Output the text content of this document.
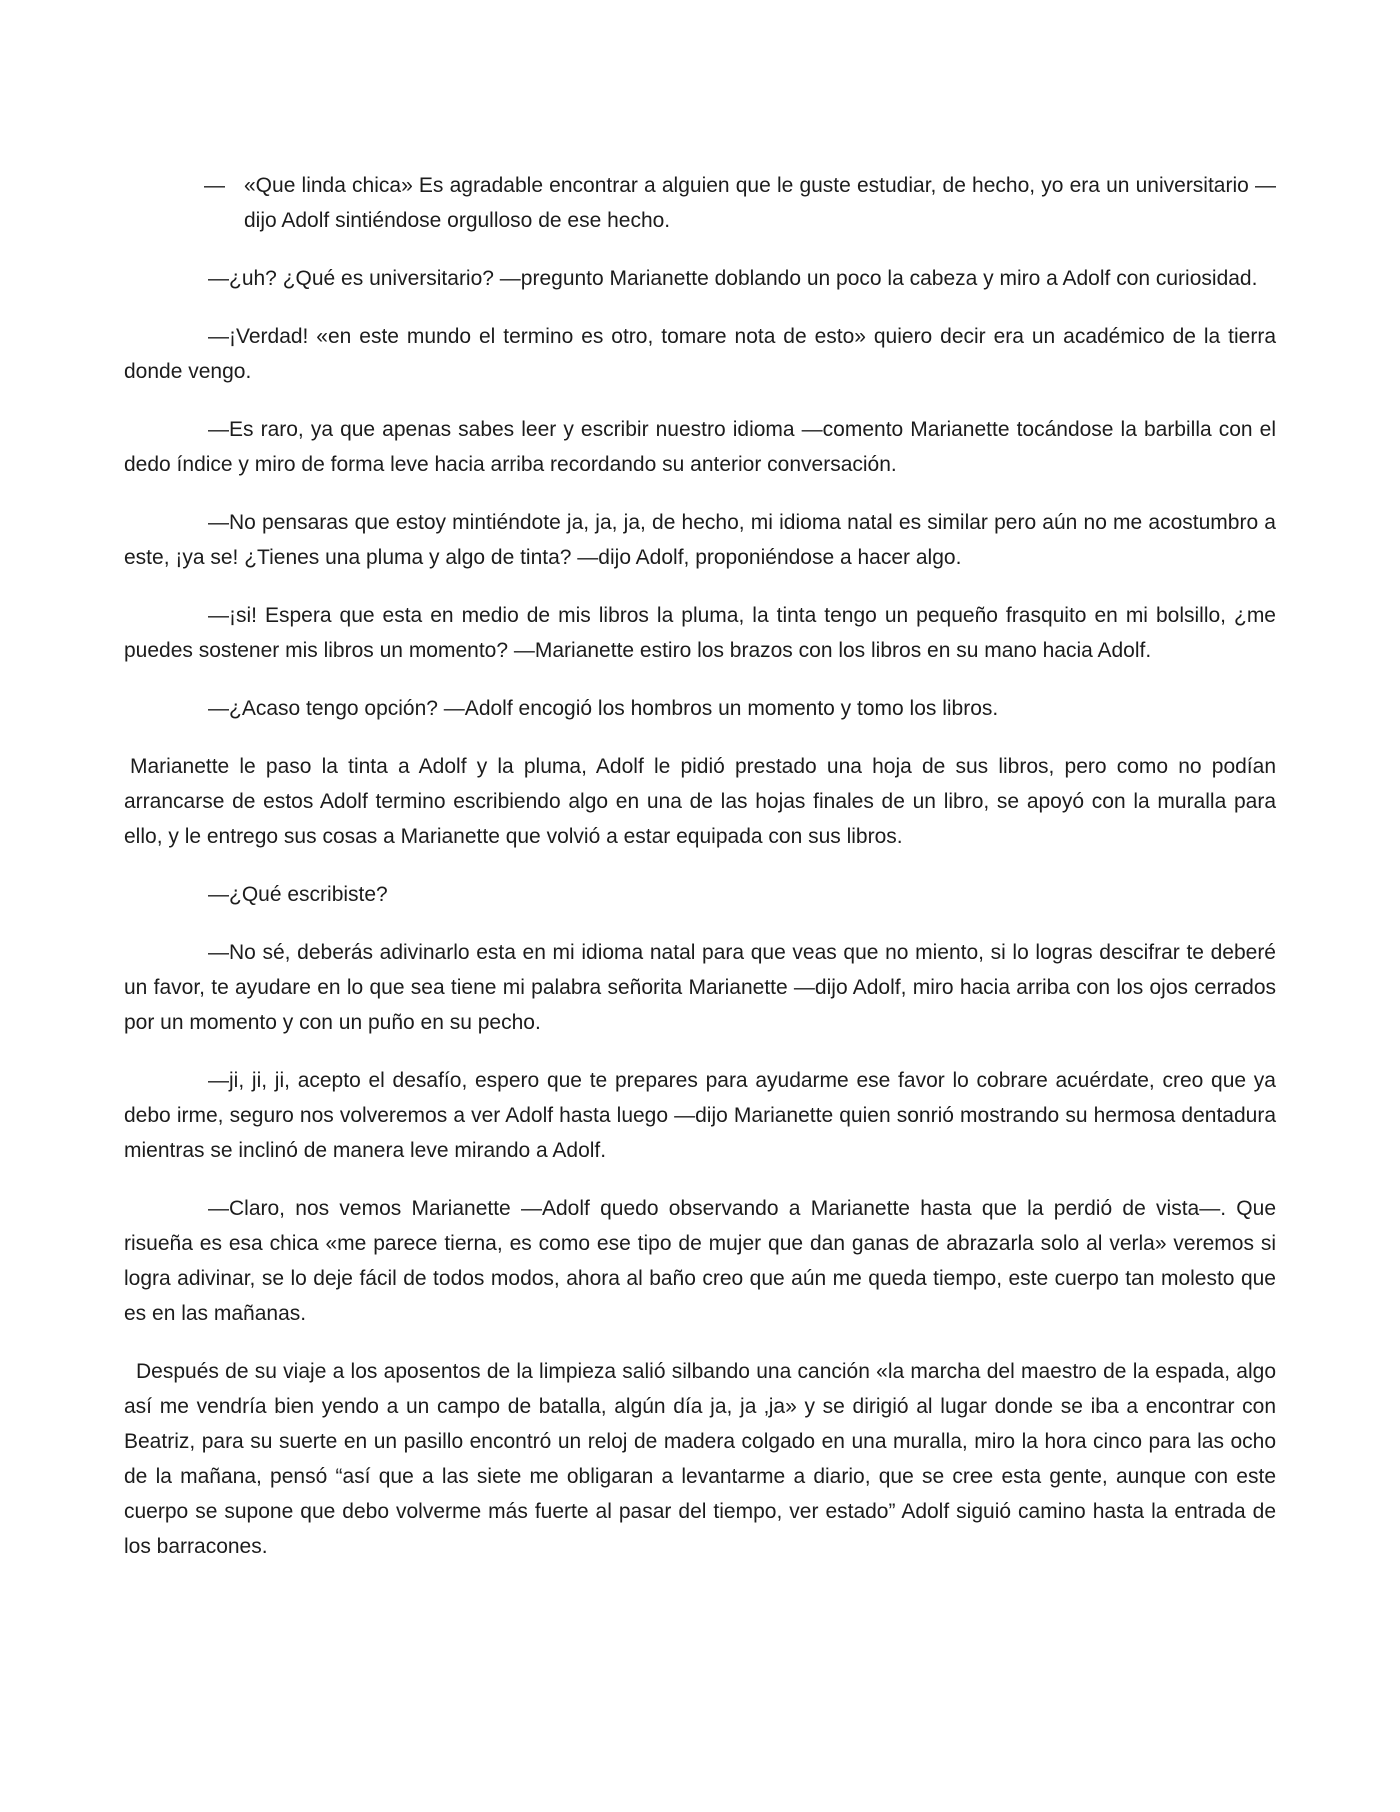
— «Que linda chica» Es agradable encontrar a alguien que le guste estudiar, de hecho, yo era un universitario —dijo Adolf sintiéndose orgulloso de ese hecho.

—¿uh? ¿Qué es universitario? —pregunto Marianette doblando un poco la cabeza y miro a Adolf con curiosidad.

—¡Verdad! «en este mundo el termino es otro, tomare nota de esto» quiero decir era un académico de la tierra donde vengo.

—Es raro, ya que apenas sabes leer y escribir nuestro idioma —comento Marianette tocándose la barbilla con el dedo índice y miro de forma leve hacia arriba recordando su anterior conversación.

—No pensaras que estoy mintiéndote ja, ja, ja, de hecho, mi idioma natal es similar pero aún no me acostumbro a este, ¡ya se! ¿Tienes una pluma y algo de tinta? —dijo Adolf, proponiéndose a hacer algo.

—¡si! Espera que esta en medio de mis libros la pluma, la tinta tengo un pequeño frasquito en mi bolsillo, ¿me puedes sostener mis libros un momento? —Marianette estiro los brazos con los libros en su mano hacia Adolf.

—¿Acaso tengo opción? —Adolf encogió los hombros un momento y tomo los libros.

Marianette le paso la tinta a Adolf y la pluma, Adolf le pidió prestado una hoja de sus libros, pero como no podían arrancarse de estos Adolf termino escribiendo algo en una de las hojas finales de un libro, se apoyó con la muralla para ello, y le entrego sus cosas a Marianette que volvió a estar equipada con sus libros.

—¿Qué escribiste?

—No sé, deberás adivinarlo esta en mi idioma natal para que veas que no miento, si lo logras descifrar te deberé un favor, te ayudare en lo que sea tiene mi palabra señorita Marianette —dijo Adolf, miro hacia arriba con los ojos cerrados por un momento y con un puño en su pecho.

—ji, ji, ji, acepto el desafío, espero que te prepares para ayudarme ese favor lo cobrare acuérdate, creo que ya debo irme, seguro nos volveremos a ver Adolf hasta luego —dijo Marianette quien sonrió mostrando su hermosa dentadura mientras se inclinó de manera leve mirando a Adolf.

—Claro, nos vemos Marianette —Adolf quedo observando a Marianette hasta que la perdió de vista—. Que risueña es esa chica «me parece tierna, es como ese tipo de mujer que dan ganas de abrazarla solo al verla» veremos si logra adivinar, se lo deje fácil de todos modos, ahora al baño creo que aún me queda tiempo, este cuerpo tan molesto que es en las mañanas.

Después de su viaje a los aposentos de la limpieza salió silbando una canción «la marcha del maestro de la espada, algo así me vendría bien yendo a un campo de batalla, algún día ja, ja ‚ja» y se dirigió al lugar donde se iba a encontrar con Beatriz, para su suerte en un pasillo encontró un reloj de madera colgado en una muralla, miro la hora cinco para las ocho de la mañana, pensó “así que a las siete me obligaran a levantarme a diario, que se cree esta gente, aunque con este cuerpo se supone que debo volverme más fuerte al pasar del tiempo, ver estado” Adolf siguió camino hasta la entrada de los barracones.
